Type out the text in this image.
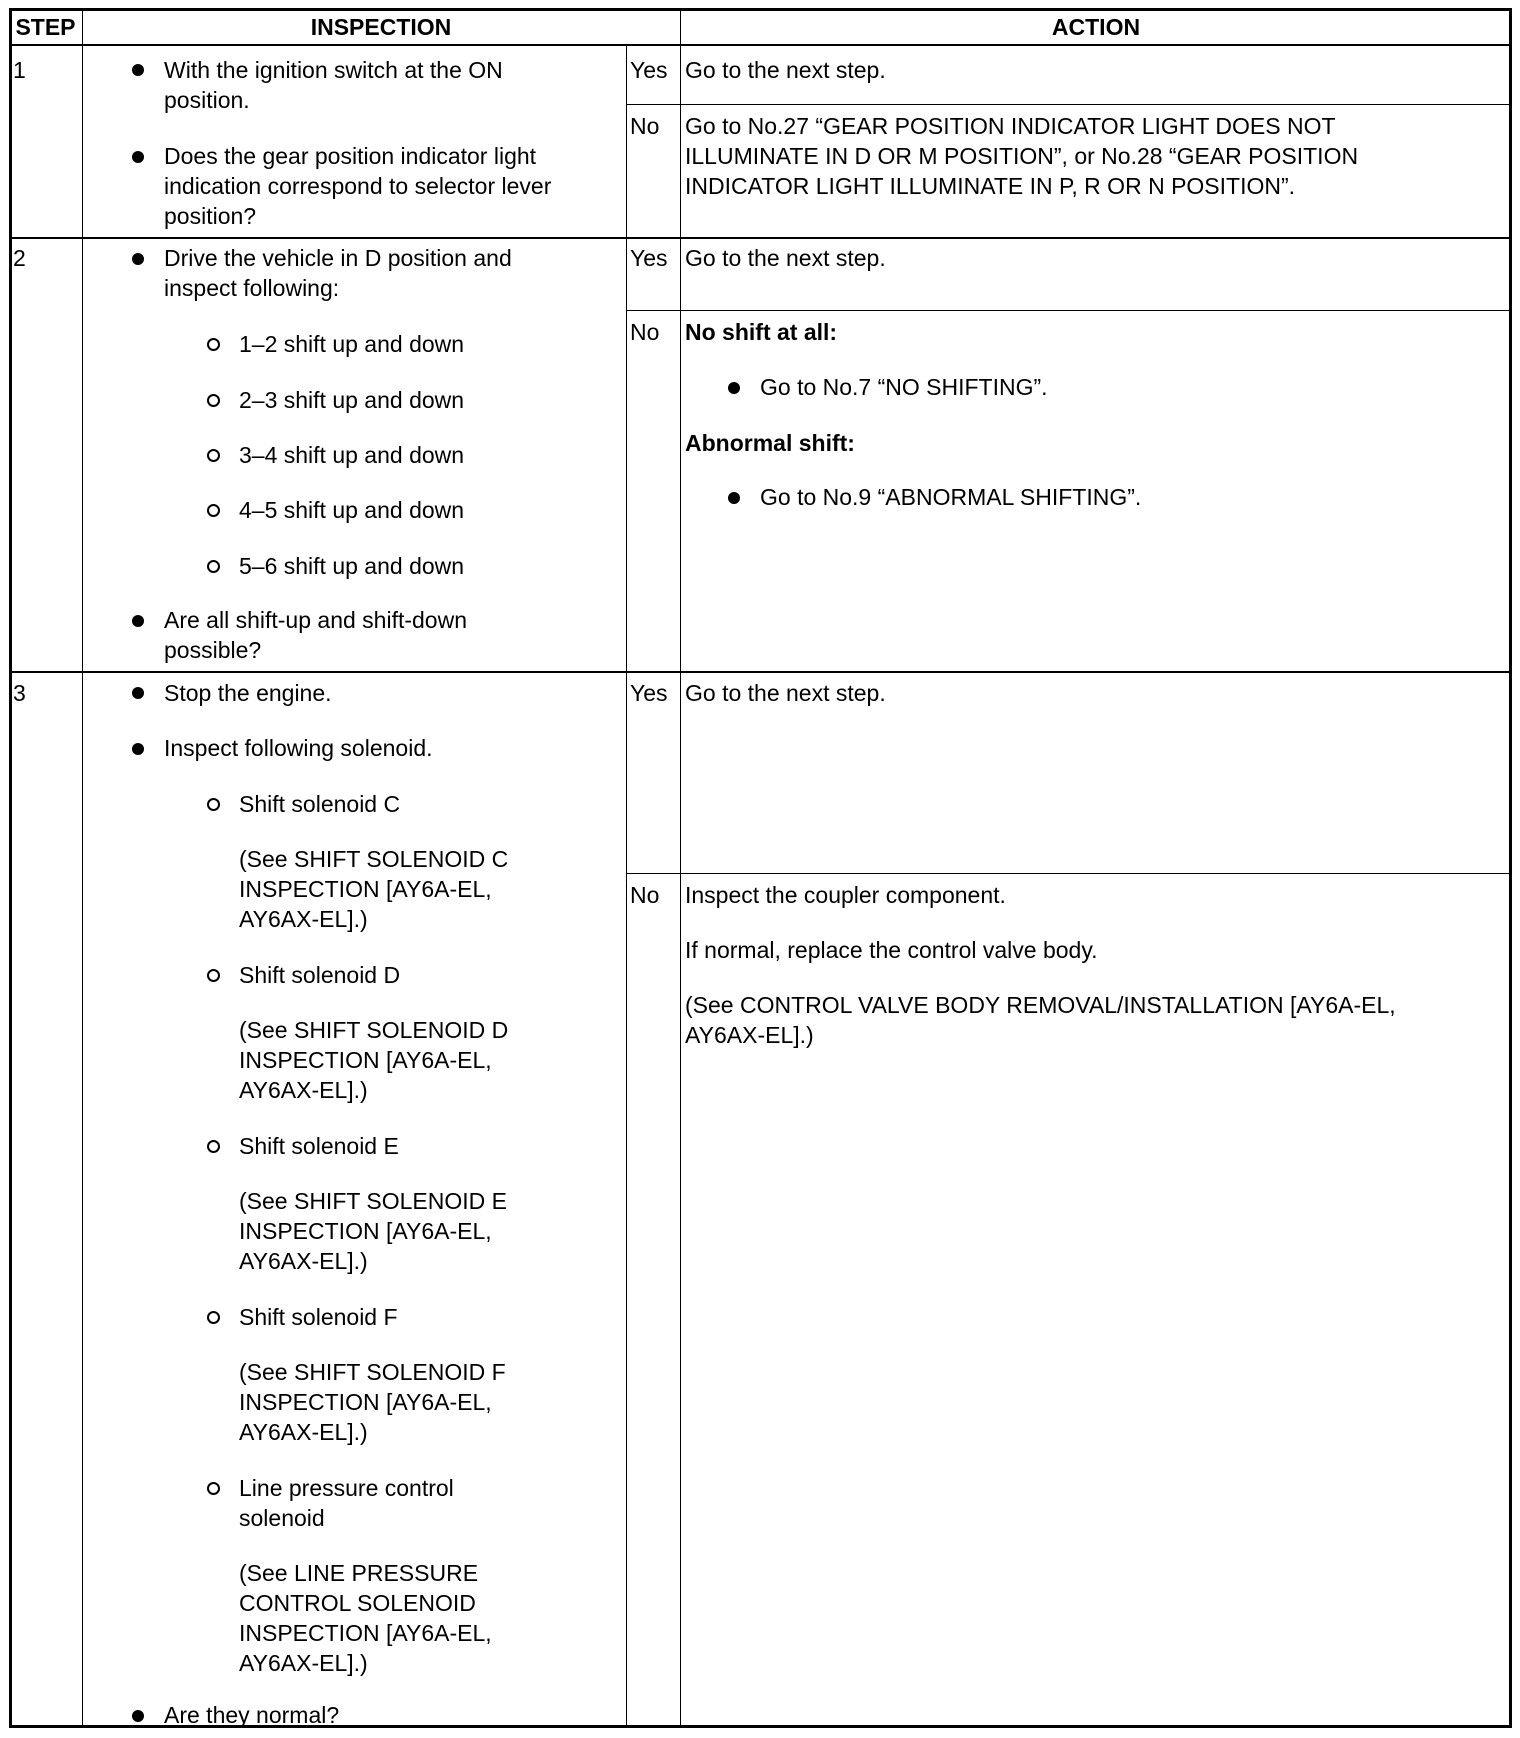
STEP	INSPECTION	ACTION
1	With the ignition switch at the ON
position.
Does the gear position indicator light
indication correspond to selector lever
position?
Yes Go to the next step.
No Go to No.27 “GEAR POSITION INDICATOR LIGHT DOES NOT
ILLUMINATE IN D OR M POSITION”, or No.28 “GEAR POSITION
INDICATOR LIGHT ILLUMINATE IN P, R OR N POSITION”.
2	Drive the vehicle in D position and
inspect following:
1–2 shift up and down
2–3 shift up and down
3–4 shift up and down
4–5 shift up and down
5–6 shift up and down
Are all shift-up and shift-down
possible?
Yes Go to the next step.
No No shift at all:
Go to No.7 “NO SHIFTING”.
Abnormal shift:
Go to No.9 “ABNORMAL SHIFTING”.
3	Stop the engine.
Inspect following solenoid.
Shift solenoid C
(See SHIFT SOLENOID C
INSPECTION [AY6A-EL,
AY6AX-EL].)
Shift solenoid D
(See SHIFT SOLENOID D
INSPECTION [AY6A-EL,
AY6AX-EL].)
Shift solenoid E
(See SHIFT SOLENOID E
INSPECTION [AY6A-EL,
AY6AX-EL].)
Shift solenoid F
(See SHIFT SOLENOID F
INSPECTION [AY6A-EL,
AY6AX-EL].)
Line pressure control
solenoid
(See LINE PRESSURE
CONTROL SOLENOID
INSPECTION [AY6A-EL,
AY6AX-EL].)
Are they normal?
Yes Go to the next step.
No Inspect the coupler component.
If normal, replace the control valve body.
(See CONTROL VALVE BODY REMOVAL/INSTALLATION [AY6A-EL,
AY6AX-EL].)
